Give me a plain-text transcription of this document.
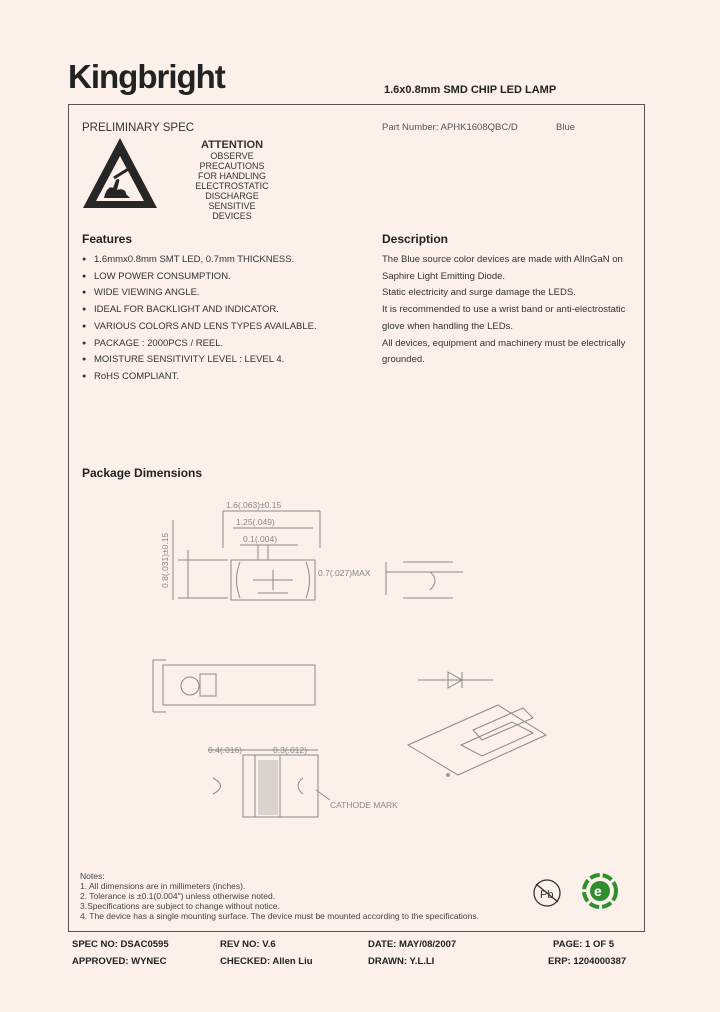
Kingbright	1.6x0.8mm SMD CHIP LED LAMP
PRELIMINARY SPEC
ATTENTION
OBSERVE PRECAUTIONS
FOR HANDLING
ELECTROSTATIC
DISCHARGE
SENSITIVE
DEVICES
Part Number: APHK1608QBC/D	Blue
Features
● 1.6mmx0.8mm SMT LED, 0.7mm THICKNESS.
● LOW POWER CONSUMPTION.
● WIDE VIEWING ANGLE.
● IDEAL FOR BACKLIGHT AND INDICATOR.
● VARIOUS COLORS AND LENS TYPES AVAILABLE.
● PACKAGE : 2000PCS / REEL.
● MOISTURE SENSITIVITY LEVEL : LEVEL 4.
● RoHS COMPLIANT.
Description
The Blue source color devices are made with AlInGaN on
Saphire Light Emitting Diode.
Static electricity and surge damage the LEDS.
It is recommended to use a wrist band or anti-electrostatic
glove when handling the LEDs.
All devices, equipment and machinery must be electrically
grounded.
Package Dimensions
1.6(.063)±0.15
1.25(.049)
0.1(.004)
0.7(.027)MAX
0.4(.016)	0.3(.012)
CATHODE MARK
0.8(.031)±0.15
Notes:
1. All dimensions are in millimeters (inches).
2. Tolerance is ±0.1(0.004") unless otherwise noted.
3.Specifications are subject to change without notice.
4. The device has a single mounting surface. The device must be mounted according to the specifications.
Pb	e
SPEC NO: DSAC0595	REV NO: V.6	DATE: MAY/08/2007	PAGE: 1 OF 5
APPROVED: WYNEC	CHECKED: Allen Liu	DRAWN: Y.L.LI	ERP: 1204000387
